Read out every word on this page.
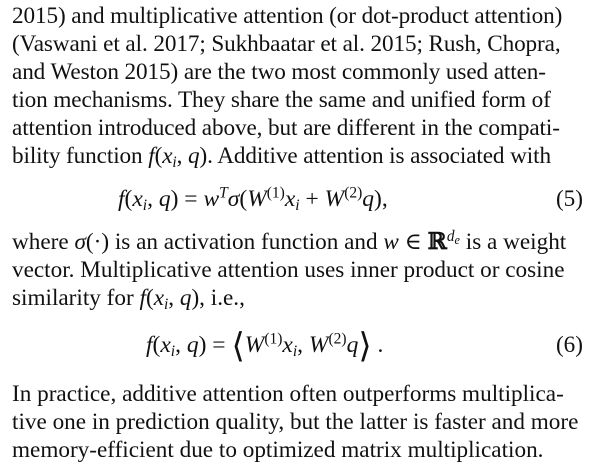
2015) and multiplicative attention (or dot-product attention)
(Vaswani et al. 2017; Sukhbaatar et al. 2015; Rush, Chopra,
and Weston 2015) are the two most commonly used atten-
tion mechanisms. They share the same and unified form of
attention introduced above, but are different in the compati-
bility function $f(x_i$, q). Additive attention is associated with
$f(x_i$, $q) = w^T\sigma(W^{(1)}x_i + W^{(2)}q)$,	(5)
where σ(·) is an activation function and w ∈ ℝ$^{d_e}$ is a weight
vector. Multiplicative attention uses inner product or cosine
similarity for $f(x_i$, q), i.e.,
$f(x_i$, $q) = ⟨W^{(1)}x_i$, $W^{(2)}q⟩$ .	(6)
In practice, additive attention often outperforms multiplica-
tive one in prediction quality, but the latter is faster and more
memory-efficient due to optimized matrix multiplication.
